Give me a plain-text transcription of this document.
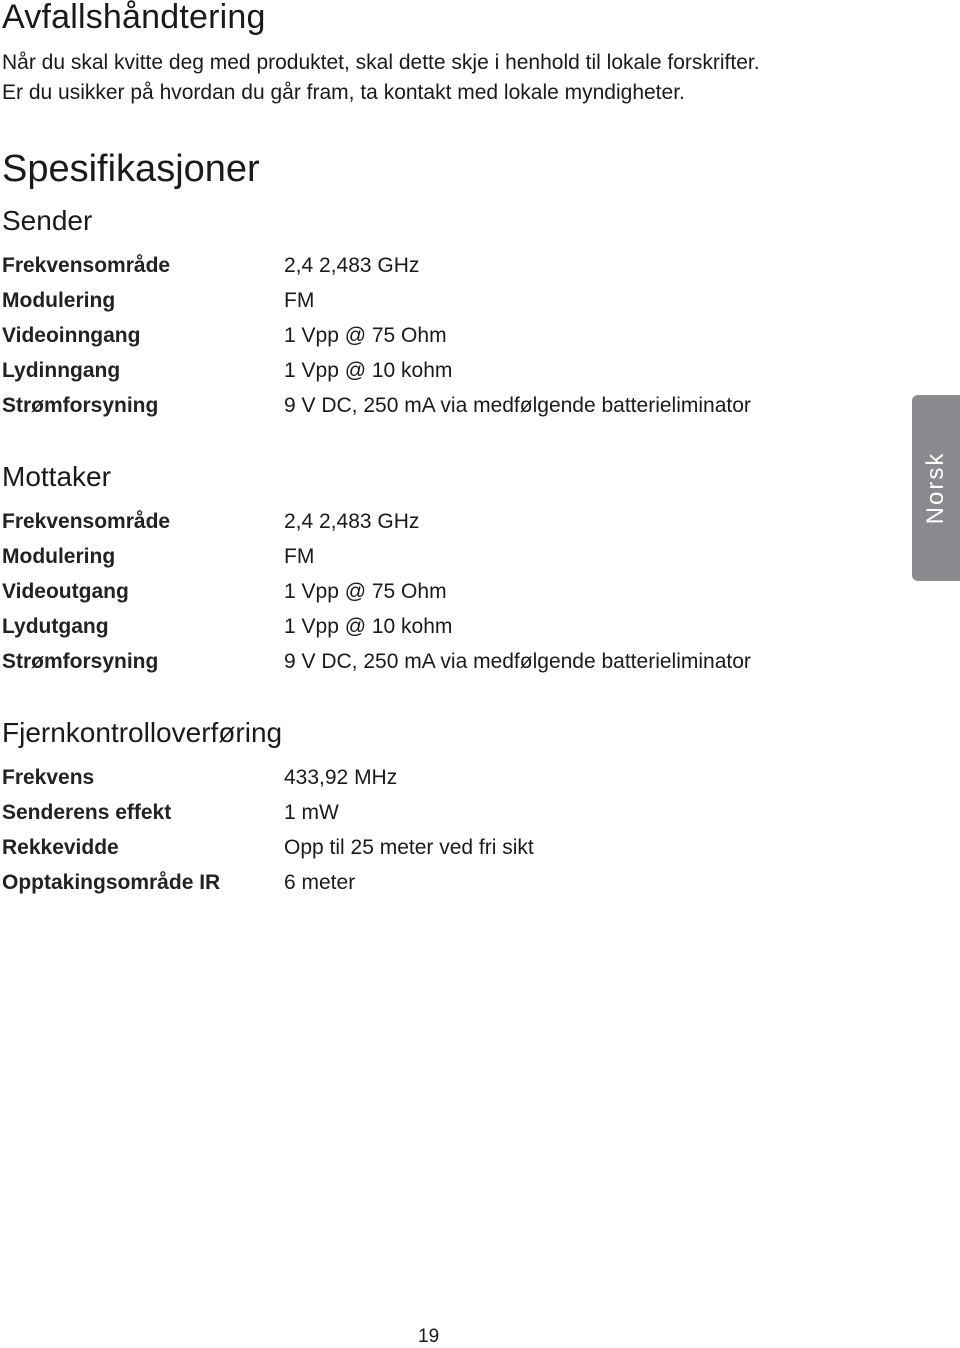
Avfallshåndtering
Når du skal kvitte deg med produktet, skal dette skje i henhold til lokale forskrifter.
Er du usikker på hvordan du går fram, ta kontakt med lokale myndigheter.
Spesifikasjoner
Sender
Frekvensområde	2,4 2,483 GHz
Modulering	FM
Videoinngang	1 Vpp @ 75 Ohm
Lydinngang	1 Vpp @ 10 kohm
Strømforsyning	9 V DC, 250 mA via medfølgende batterieliminator
Mottaker
Frekvensområde	2,4 2,483 GHz
Modulering	FM
Videoutgang	1 Vpp @ 75 Ohm
Lydutgang	1 Vpp @ 10 kohm
Strømforsyning	9 V DC, 250 mA via medfølgende batterieliminator
Fjernkontrolloverføring
Frekvens	433,92 MHz
Senderens effekt	1 mW
Rekkevidde	Opp til 25 meter ved fri sikt
Opptakingsområde IR	6 meter
Norsk
19
